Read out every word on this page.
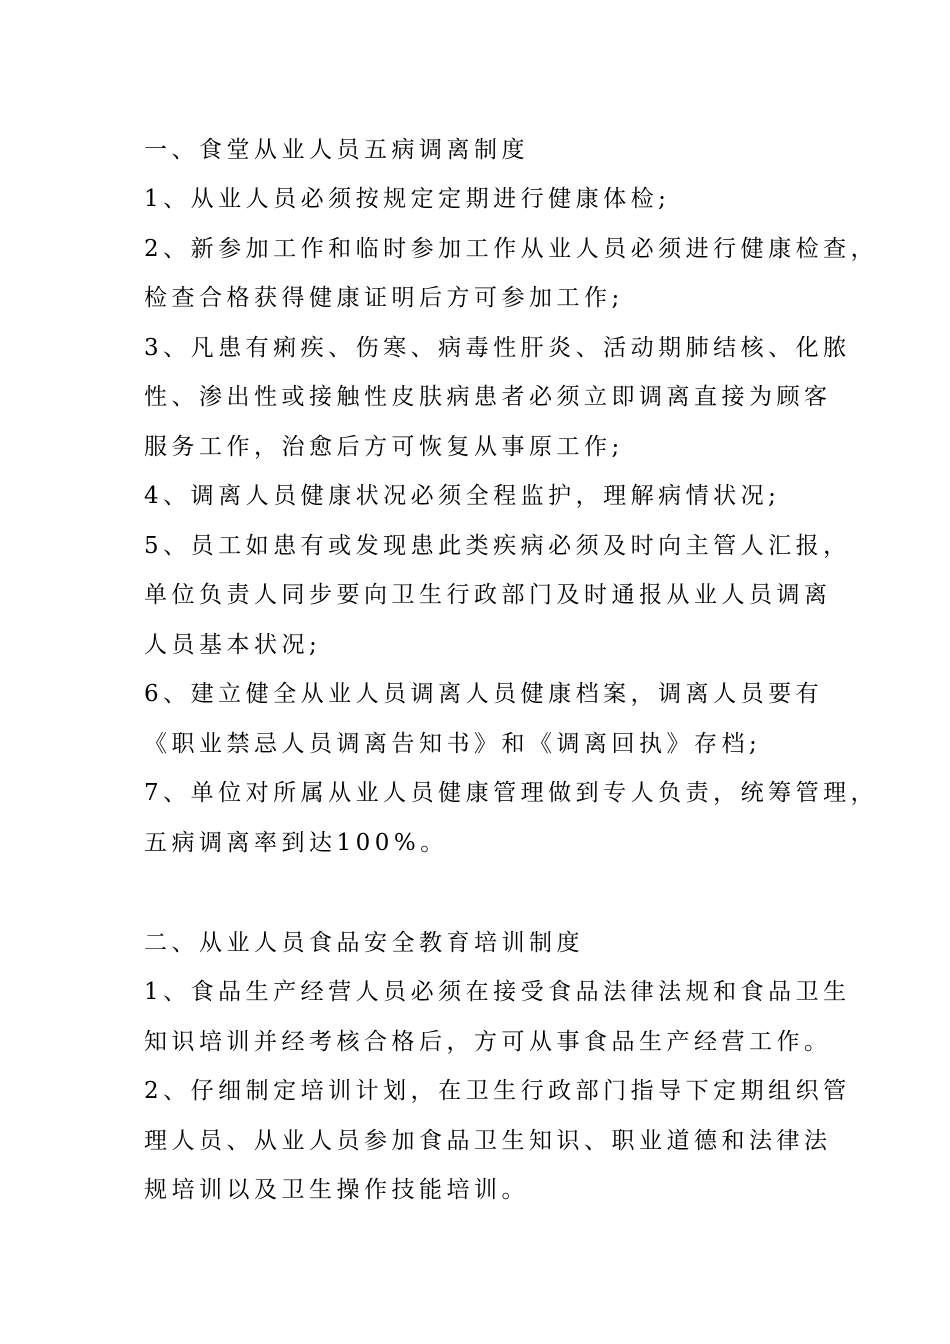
一、食堂从业人员五病调离制度
1、从业人员必须按规定定期进行健康体检;
2、新参加工作和临时参加工作从业人员必须进行健康检查，
检查合格获得健康证明后方可参加工作;
3、凡患有痢疾、伤寒、病毒性肝炎、活动期肺结核、化脓
性、渗出性或接触性皮肤病患者必须立即调离直接为顾客
服务工作，治愈后方可恢复从事原工作;
4、调离人员健康状况必须全程监护，理解病情状况;
5、员工如患有或发现患此类疾病必须及时向主管人汇报，
单位负责人同步要向卫生行政部门及时通报从业人员调离
人员基本状况;
6、建立健全从业人员调离人员健康档案，调离人员要有
《职业禁忌人员调离告知书》和《调离回执》存档;
7、单位对所属从业人员健康管理做到专人负责，统筹管理，
五病调离率到达100%。
二、从业人员食品安全教育培训制度
1、食品生产经营人员必须在接受食品法律法规和食品卫生
知识培训并经考核合格后，方可从事食品生产经营工作。
2、仔细制定培训计划，在卫生行政部门指导下定期组织管
理人员、从业人员参加食品卫生知识、职业道德和法律法
规培训以及卫生操作技能培训。
